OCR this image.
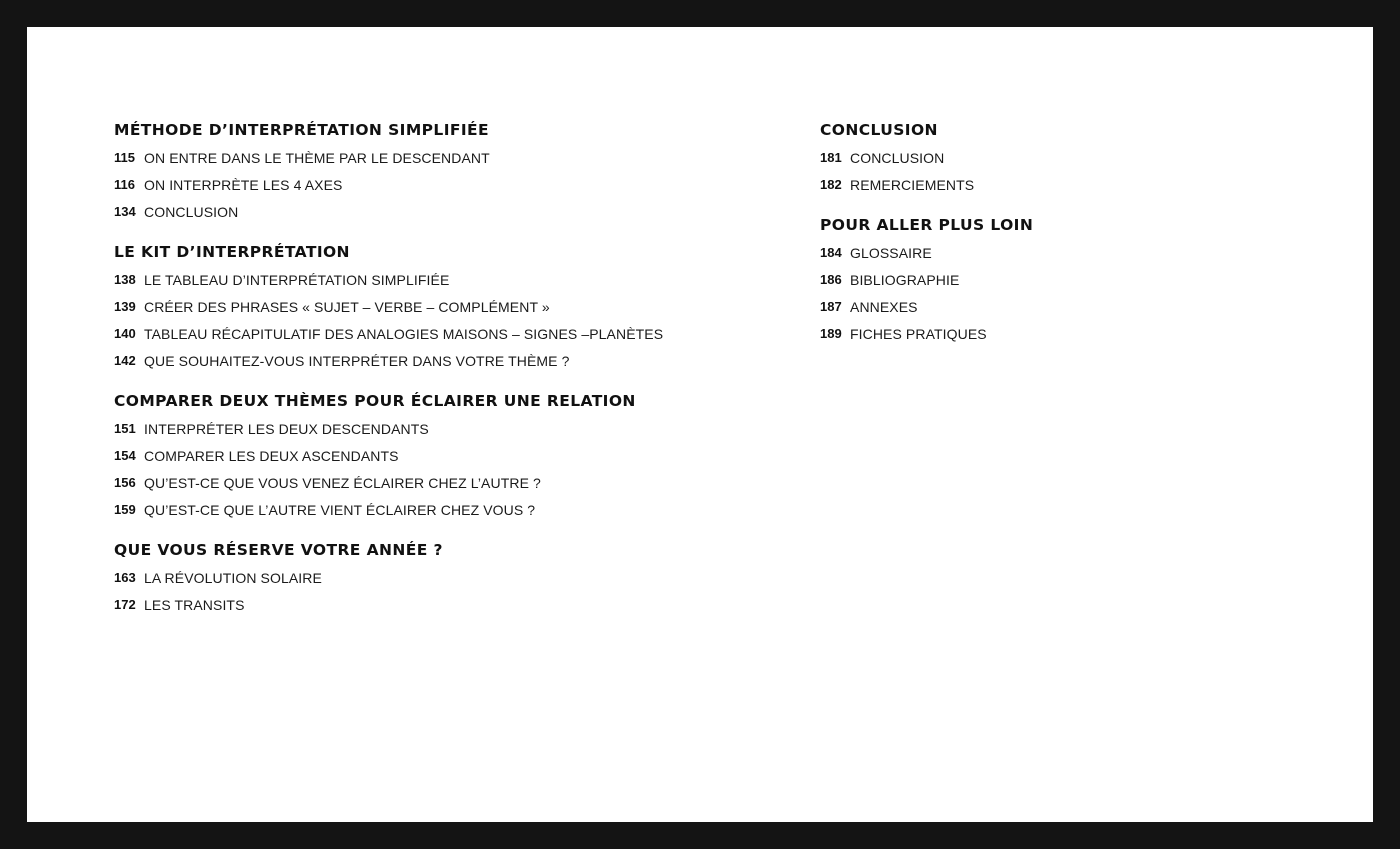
MÉTHODE D’INTERPRÉTATION SIMPLIFIÉE
115 ON ENTRE DANS LE THÈME PAR LE DESCENDANT
116 ON INTERPRÈTE LES 4 AXES
134 CONCLUSION
LE KIT D’INTERPRÉTATION
138 LE TABLEAU D’INTERPRÉTATION SIMPLIFIÉE
139 CRÉER DES PHRASES « SUJET – VERBE – COMPLÉMENT »
140 TABLEAU RÉCAPITULATIF DES ANALOGIES MAISONS – SIGNES –PLANÈTES
142 QUE SOUHAITEZ-VOUS INTERPRÉTER DANS VOTRE THÈME ?
COMPARER DEUX THÈMES POUR ÉCLAIRER UNE RELATION
151 INTERPRÉTER LES DEUX DESCENDANTS
154 COMPARER LES DEUX ASCENDANTS
156 QU’EST-CE QUE VOUS VENEZ ÉCLAIRER CHEZ L’AUTRE ?
159 QU’EST-CE QUE L’AUTRE VIENT ÉCLAIRER CHEZ VOUS ?
QUE VOUS RÉSERVE VOTRE ANNÉE ?
163 LA RÉVOLUTION SOLAIRE
172 LES TRANSITS
CONCLUSION
181 CONCLUSION
182 REMERCIEMENTS
POUR ALLER PLUS LOIN
184 GLOSSAIRE
186 BIBLIOGRAPHIE
187 ANNEXES
189 FICHES PRATIQUES
